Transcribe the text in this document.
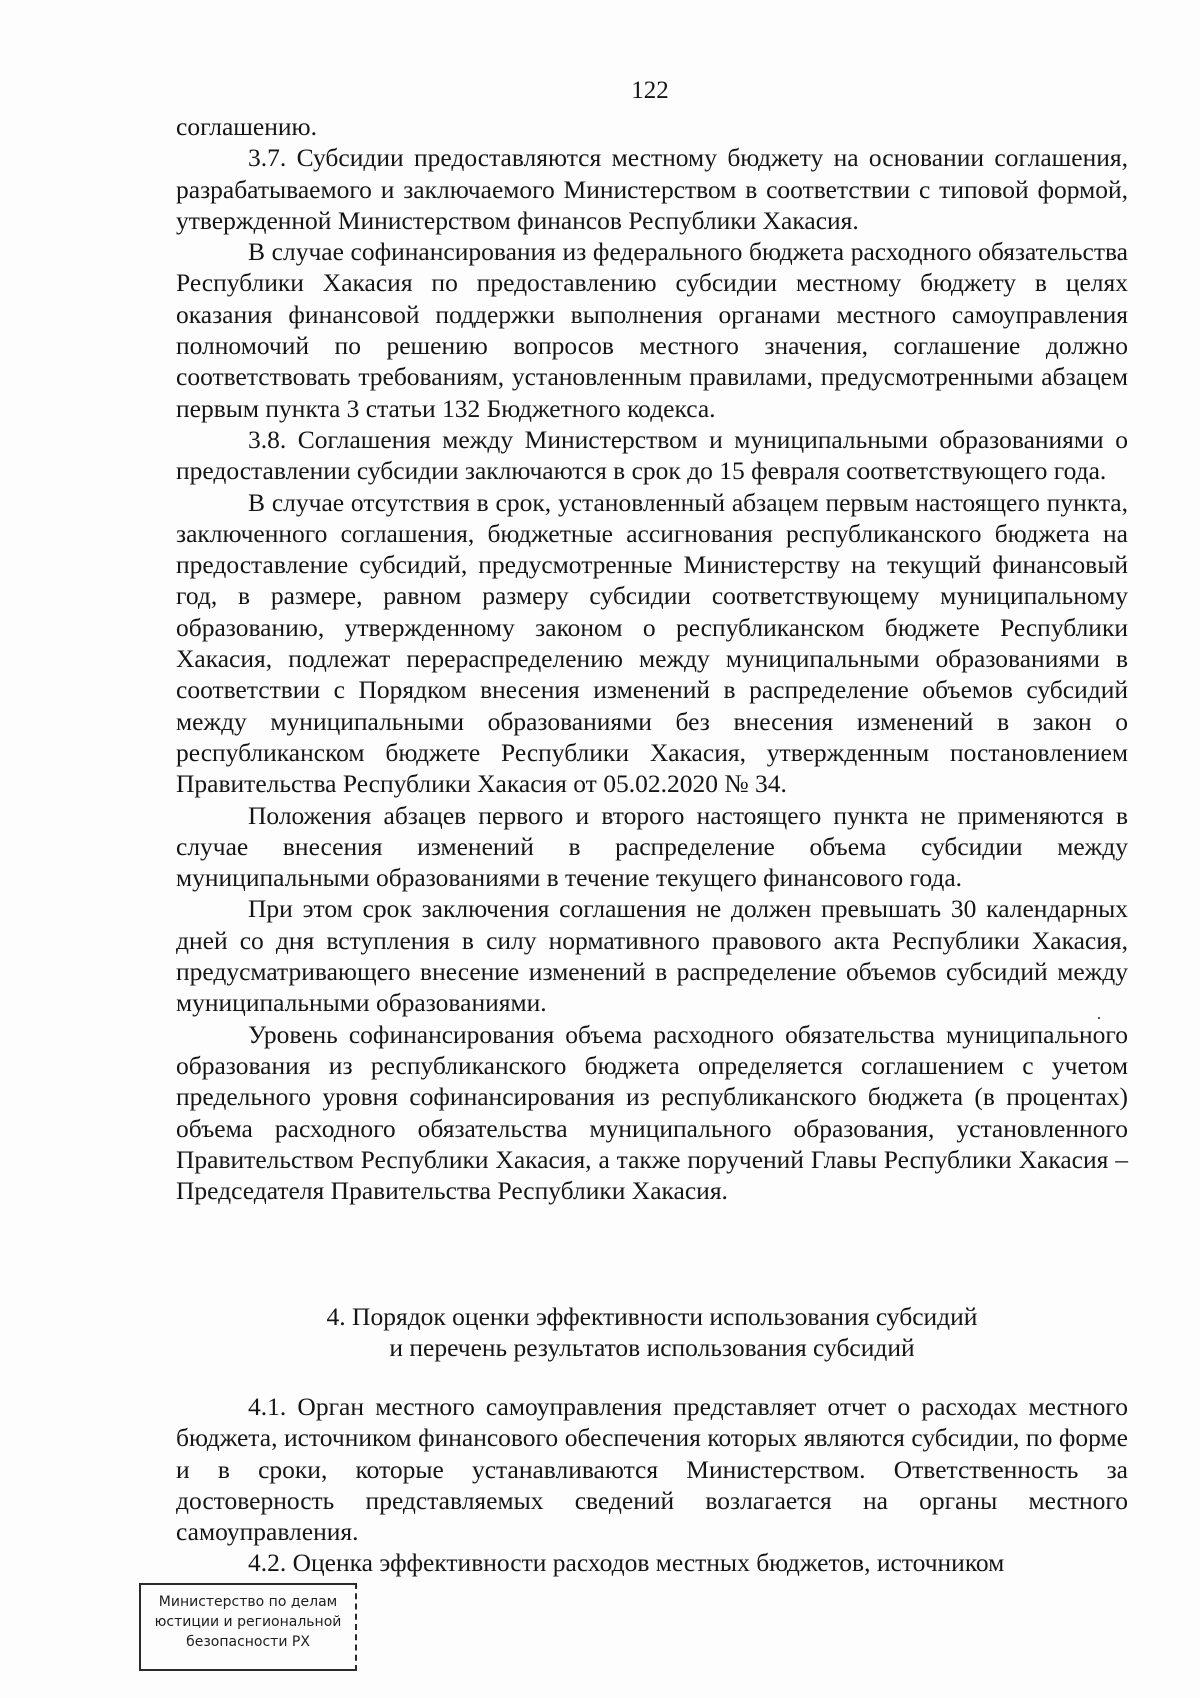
122

соглашению.

3.7. Субсидии предоставляются местному бюджету на основании соглашения, разрабатываемого и заключаемого Министерством в соответствии с типовой формой, утвержденной Министерством финансов Республики Хакасия.

В случае софинансирования из федерального бюджета расходного обязательства Республики Хакасия по предоставлению субсидии местному бюджету в целях оказания финансовой поддержки выполнения органами местного самоуправления полномочий по решению вопросов местного значения, соглашение должно соответствовать требованиям, установленным правилами, предусмотренными абзацем первым пункта 3 статьи 132 Бюджетного кодекса.

3.8. Соглашения между Министерством и муниципальными образованиями о предоставлении субсидии заключаются в срок до 15 февраля соответствующего года.

В случае отсутствия в срок, установленный абзацем первым настоящего пункта, заключенного соглашения, бюджетные ассигнования республиканского бюджета на предоставление субсидий, предусмотренные Министерству на текущий финансовый год, в размере, равном размеру субсидии соответствующему муниципальному образованию, утвержденному законом о республиканском бюджете Республики Хакасия, подлежат перераспределению между муниципальными образованиями в соответствии с Порядком внесения изменений в распределение объемов субсидий между муниципальными образованиями без внесения изменений в закон о республиканском бюджете Республики Хакасия, утвержденным постановлением Правительства Республики Хакасия от 05.02.2020 № 34.

Положения абзацев первого и второго настоящего пункта не применяются в случае внесения изменений в распределение объема субсидии между муниципальными образованиями в течение текущего финансового года.

При этом срок заключения соглашения не должен превышать 30 календарных дней со дня вступления в силу нормативного правового акта Республики Хакасия, предусматривающего внесение изменений в распределение объемов субсидий между муниципальными образованиями.

Уровень софинансирования объема расходного обязательства муниципального образования из республиканского бюджета определяется соглашением с учетом предельного уровня софинансирования из республиканского бюджета (в процентах) объема расходного обязательства муниципального образования, установленного Правительством Республики Хакасия, а также поручений Главы Республики Хакасия – Председателя Правительства Республики Хакасия.

4. Порядок оценки эффективности использования субсидий
и перечень результатов использования субсидий

4.1. Орган местного самоуправления представляет отчет о расходах местного бюджета, источником финансового обеспечения которых являются субсидии, по форме и в сроки, которые устанавливаются Министерством. Ответственность за достоверность представляемых сведений возлагается на органы местного самоуправления.

4.2. Оценка эффективности расходов местных бюджетов, источником

Министерство по делам
юстиции и региональной
безопасности РХ
